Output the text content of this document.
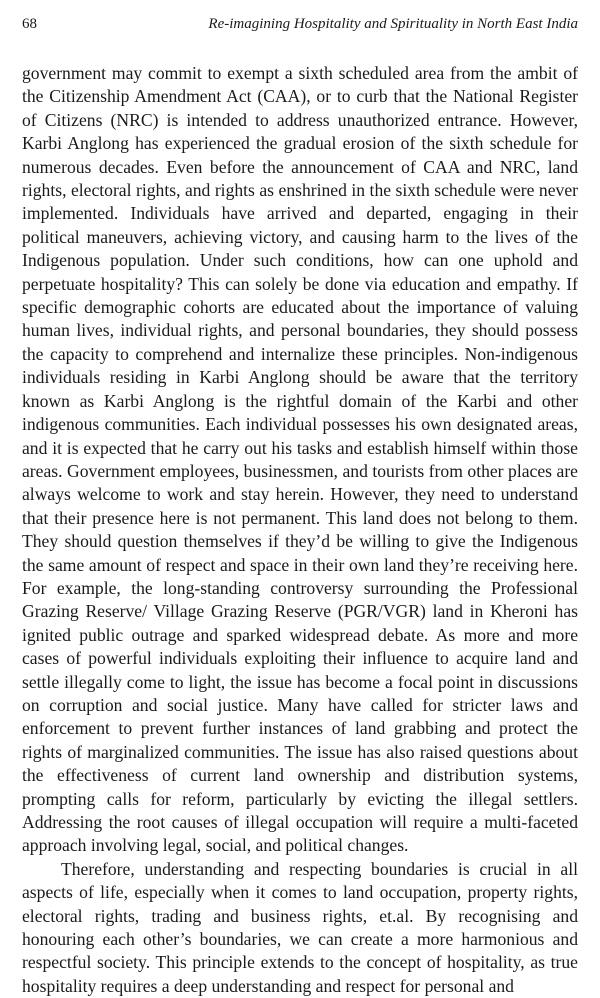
68	Re-imagining Hospitality and Spirituality in North East India

government may commit to exempt a sixth scheduled area from the ambit of the Citizenship Amendment Act (CAA), or to curb that the National Register of Citizens (NRC) is intended to address unauthorized entrance. However, Karbi Anglong has experienced the gradual erosion of the sixth schedule for numerous decades. Even before the announcement of CAA and NRC, land rights, electoral rights, and rights as enshrined in the sixth schedule were never implemented. Individuals have arrived and departed, engaging in their political maneuvers, achieving victory, and causing harm to the lives of the Indigenous population. Under such conditions, how can one uphold and perpetuate hospitality? This can solely be done via education and empathy. If specific demographic cohorts are educated about the importance of valuing human lives, individual rights, and personal boundaries, they should possess the capacity to comprehend and internalize these principles. Non-indigenous individuals residing in Karbi Anglong should be aware that the territory known as Karbi Anglong is the rightful domain of the Karbi and other indigenous communities. Each individual possesses his own designated areas, and it is expected that he carry out his tasks and establish himself within those areas. Government employees, businessmen, and tourists from other places are always welcome to work and stay herein. However, they need to understand that their presence here is not permanent. This land does not belong to them. They should question themselves if they’d be willing to give the Indigenous the same amount of respect and space in their own land they’re receiving here. For example, the long-standing controversy surrounding the Professional Grazing Reserve/ Village Grazing Reserve (PGR/VGR) land in Kheroni has ignited public outrage and sparked widespread debate. As more and more cases of powerful individuals exploiting their influence to acquire land and settle illegally come to light, the issue has become a focal point in discussions on corruption and social justice. Many have called for stricter laws and enforcement to prevent further instances of land grabbing and protect the rights of marginalized communities. The issue has also raised questions about the effectiveness of current land ownership and distribution systems, prompting calls for reform, particularly by evicting the illegal settlers. Addressing the root causes of illegal occupation will require a multi-faceted approach involving legal, social, and political changes.

Therefore, understanding and respecting boundaries is crucial in all aspects of life, especially when it comes to land occupation, property rights, electoral rights, trading and business rights, et.al. By recognising and honouring each other’s boundaries, we can create a more harmonious and respectful society. This principle extends to the concept of hospitality, as true hospitality requires a deep understanding and respect for personal and
